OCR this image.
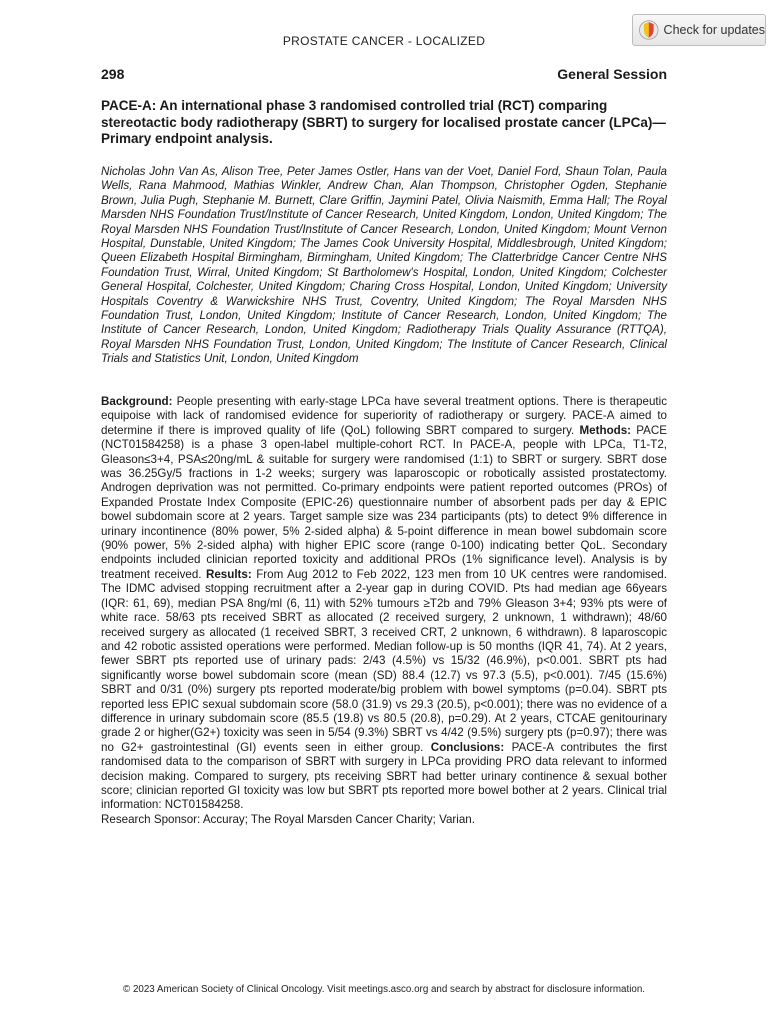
PROSTATE CANCER - LOCALIZED
Check for updates
298	General Session
PACE-A: An international phase 3 randomised controlled trial (RCT) comparing stereotactic body radiotherapy (SBRT) to surgery for localised prostate cancer (LPCa)—Primary endpoint analysis.

Nicholas John Van As, Alison Tree, Peter James Ostler, Hans van der Voet, Daniel Ford, Shaun Tolan, Paula Wells, Rana Mahmood, Mathias Winkler, Andrew Chan, Alan Thompson, Christopher Ogden, Stephanie Brown, Julia Pugh, Stephanie M. Burnett, Clare Griffin, Jaymini Patel, Olivia Naismith, Emma Hall; The Royal Marsden NHS Foundation Trust/Institute of Cancer Research, United Kingdom, London, United Kingdom; The Royal Marsden NHS Foundation Trust/Institute of Cancer Research, London, United Kingdom; Mount Vernon Hospital, Dunstable, United Kingdom; The James Cook University Hospital, Middlesbrough, United Kingdom; Queen Elizabeth Hospital Birmingham, Birmingham, United Kingdom; The Clatterbridge Cancer Centre NHS Foundation Trust, Wirral, United Kingdom; St Bartholomew's Hospital, London, United Kingdom; Colchester General Hospital, Colchester, United Kingdom; Charing Cross Hospital, London, United Kingdom; University Hospitals Coventry & Warwickshire NHS Trust, Coventry, United Kingdom; The Royal Marsden NHS Foundation Trust, London, United Kingdom; Institute of Cancer Research, London, United Kingdom; The Institute of Cancer Research, London, United Kingdom; Radiotherapy Trials Quality Assurance (RTTQA), Royal Marsden NHS Foundation Trust, London, United Kingdom; The Institute of Cancer Research, Clinical Trials and Statistics Unit, London, United Kingdom

Background: People presenting with early-stage LPCa have several treatment options. There is therapeutic equipoise with lack of randomised evidence for superiority of radiotherapy or surgery. PACE-A aimed to determine if there is improved quality of life (QoL) following SBRT compared to surgery. Methods: PACE (NCT01584258) is a phase 3 open-label multiple-cohort RCT. In PACE-A, people with LPCa, T1-T2, Gleason≤3+4, PSA≤20ng/mL & suitable for surgery were randomised (1:1) to SBRT or surgery. SBRT dose was 36.25Gy/5 fractions in 1-2 weeks; surgery was laparoscopic or robotically assisted prostatectomy. Androgen deprivation was not permitted. Co-primary endpoints were patient reported outcomes (PROs) of Expanded Prostate Index Composite (EPIC-26) questionnaire number of absorbent pads per day & EPIC bowel subdomain score at 2 years. Target sample size was 234 participants (pts) to detect 9% difference in urinary incontinence (80% power, 5% 2-sided alpha) & 5-point difference in mean bowel subdomain score (90% power, 5% 2-sided alpha) with higher EPIC score (range 0-100) indicating better QoL. Secondary endpoints included clinician reported toxicity and additional PROs (1% significance level). Analysis is by treatment received. Results: From Aug 2012 to Feb 2022, 123 men from 10 UK centres were randomised. The IDMC advised stopping recruitment after a 2-year gap in during COVID. Pts had median age 66years (IQR: 61, 69), median PSA 8ng/ml (6, 11) with 52% tumours ≥T2b and 79% Gleason 3+4; 93% pts were of white race. 58/63 pts received SBRT as allocated (2 received surgery, 2 unknown, 1 withdrawn); 48/60 received surgery as allocated (1 received SBRT, 3 received CRT, 2 unknown, 6 withdrawn). 8 laparoscopic and 42 robotic assisted operations were performed. Median follow-up is 50 months (IQR 41, 74). At 2 years, fewer SBRT pts reported use of urinary pads: 2/43 (4.5%) vs 15/32 (46.9%), p<0.001. SBRT pts had significantly worse bowel subdomain score (mean (SD) 88.4 (12.7) vs 97.3 (5.5), p<0.001). 7/45 (15.6%) SBRT and 0/31 (0%) surgery pts reported moderate/big problem with bowel symptoms (p=0.04). SBRT pts reported less EPIC sexual subdomain score (58.0 (31.9) vs 29.3 (20.5), p<0.001); there was no evidence of a difference in urinary subdomain score (85.5 (19.8) vs 80.5 (20.8), p=0.29). At 2 years, CTCAE genitourinary grade 2 or higher(G2+) toxicity was seen in 5/54 (9.3%) SBRT vs 4/42 (9.5%) surgery pts (p=0.97); there was no G2+ gastrointestinal (GI) events seen in either group. Conclusions: PACE-A contributes the first randomised data to the comparison of SBRT with surgery in LPCa providing PRO data relevant to informed decision making. Compared to surgery, pts receiving SBRT had better urinary continence & sexual bother score; clinician reported GI toxicity was low but SBRT pts reported more bowel bother at 2 years. Clinical trial information: NCT01584258.
Research Sponsor: Accuray; The Royal Marsden Cancer Charity; Varian.

© 2023 American Society of Clinical Oncology. Visit meetings.asco.org and search by abstract for disclosure information.
